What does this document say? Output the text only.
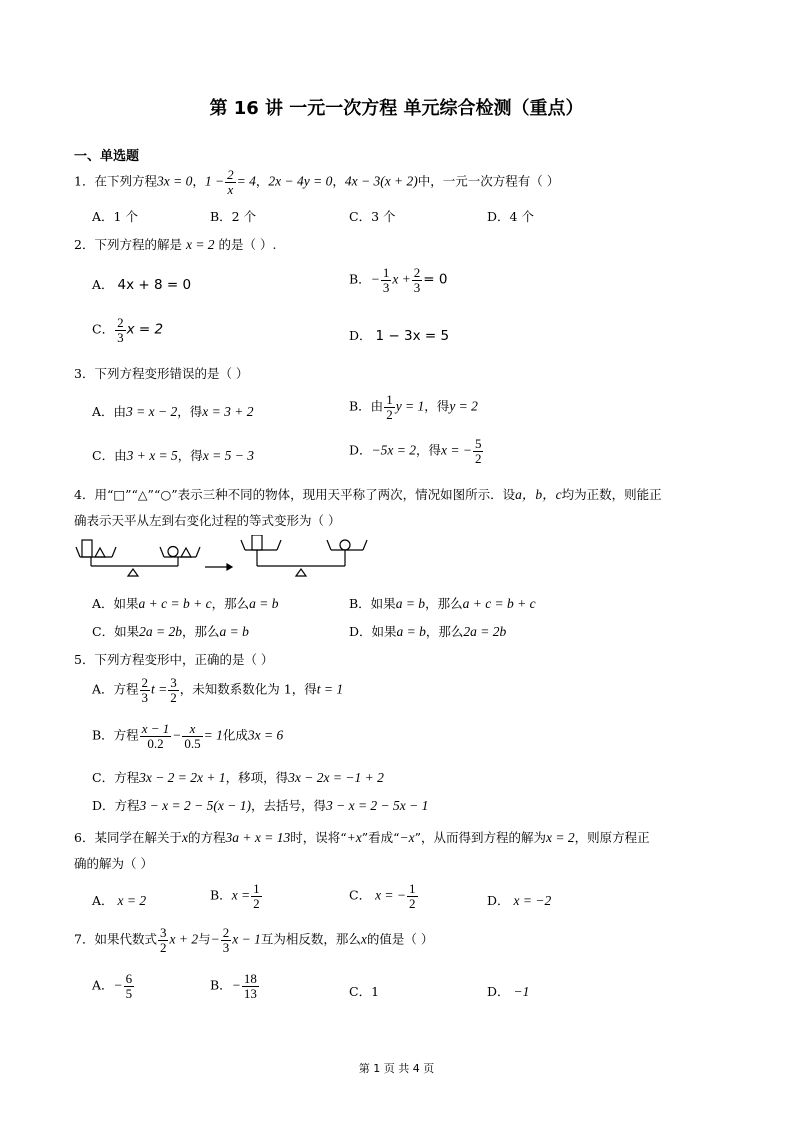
第 16 讲 一元一次方程 单元综合检测（重点）
一、单选题
1．在下列方程3x = 0，$1 - \frac{2}{x} = 4$，2x − 4y = 0，4x − 3(x + 2)中，一元一次方程有（ ）
A．1 个	B．2 个	C．3 个	D．4 个
2．下列方程的解是 x = 2 的是（ ）.
A． 4x + 8 = 0	B．− $\frac{1}{3}$ $x + \frac{2}{3} = 0$
C． $\frac{2}{3}$ x = 2	D． 1 − 3x = 5
3．下列方程变形错误的是（ ）
A．由3 = x − 2，得x = 3 + 2	B．由 $\frac{1}{2}$ y = 1，得y = 2
C．由3 + x = 5，得x = 5 − 3	D．−5x = 2，得x = − $\frac{5}{2}$
4．用“□”“△”“○”表示三种不同的物体，现用天平称了两次，情况如图所示．设a，b，c均为正数，则能正
确表示天平从左到右变化过程的等式变形为（ ）
A．如果a + c = b + c，那么a = b	B．如果a = b，那么a + c = b + c
C．如果2a = 2b，那么a = b	D．如果a = b，那么2a = 2b
5．下列方程变形中，正确的是（ ）
A．方程 $\frac{2}{3}$ $t = \frac{3}{2}$ ，未知数系数化为 1，得t = 1
B．方程 $\frac{x - 1}{0.2} - \frac{x}{0.5} = 1$化成3x = 6
C．方程3x − 2 = 2x + 1，移项，得3x − 2x = −1 + 2
D．方程3 − x = 2 − 5(x − 1)，去括号，得3 − x = 2 − 5x − 1
6．某同学在解关于x的方程3a + x = 13时，误将“+x”看成“−x”，从而得到方程的解为x = 2，则原方程正
确的解为（ ）
A． x = 2	B．$x = \frac{1}{2}$	C． x = − $\frac{1}{2}$	D． x = −2
7．如果代数式 $\frac{3}{2}$ x + 2与− $\frac{2}{3}$ x − 1互为相反数，那么x的值是（ ）
A．− $\frac{6}{5}$	B．− $\frac{18}{13}$	C．1	D． −1
第 1 页 共 4 页
